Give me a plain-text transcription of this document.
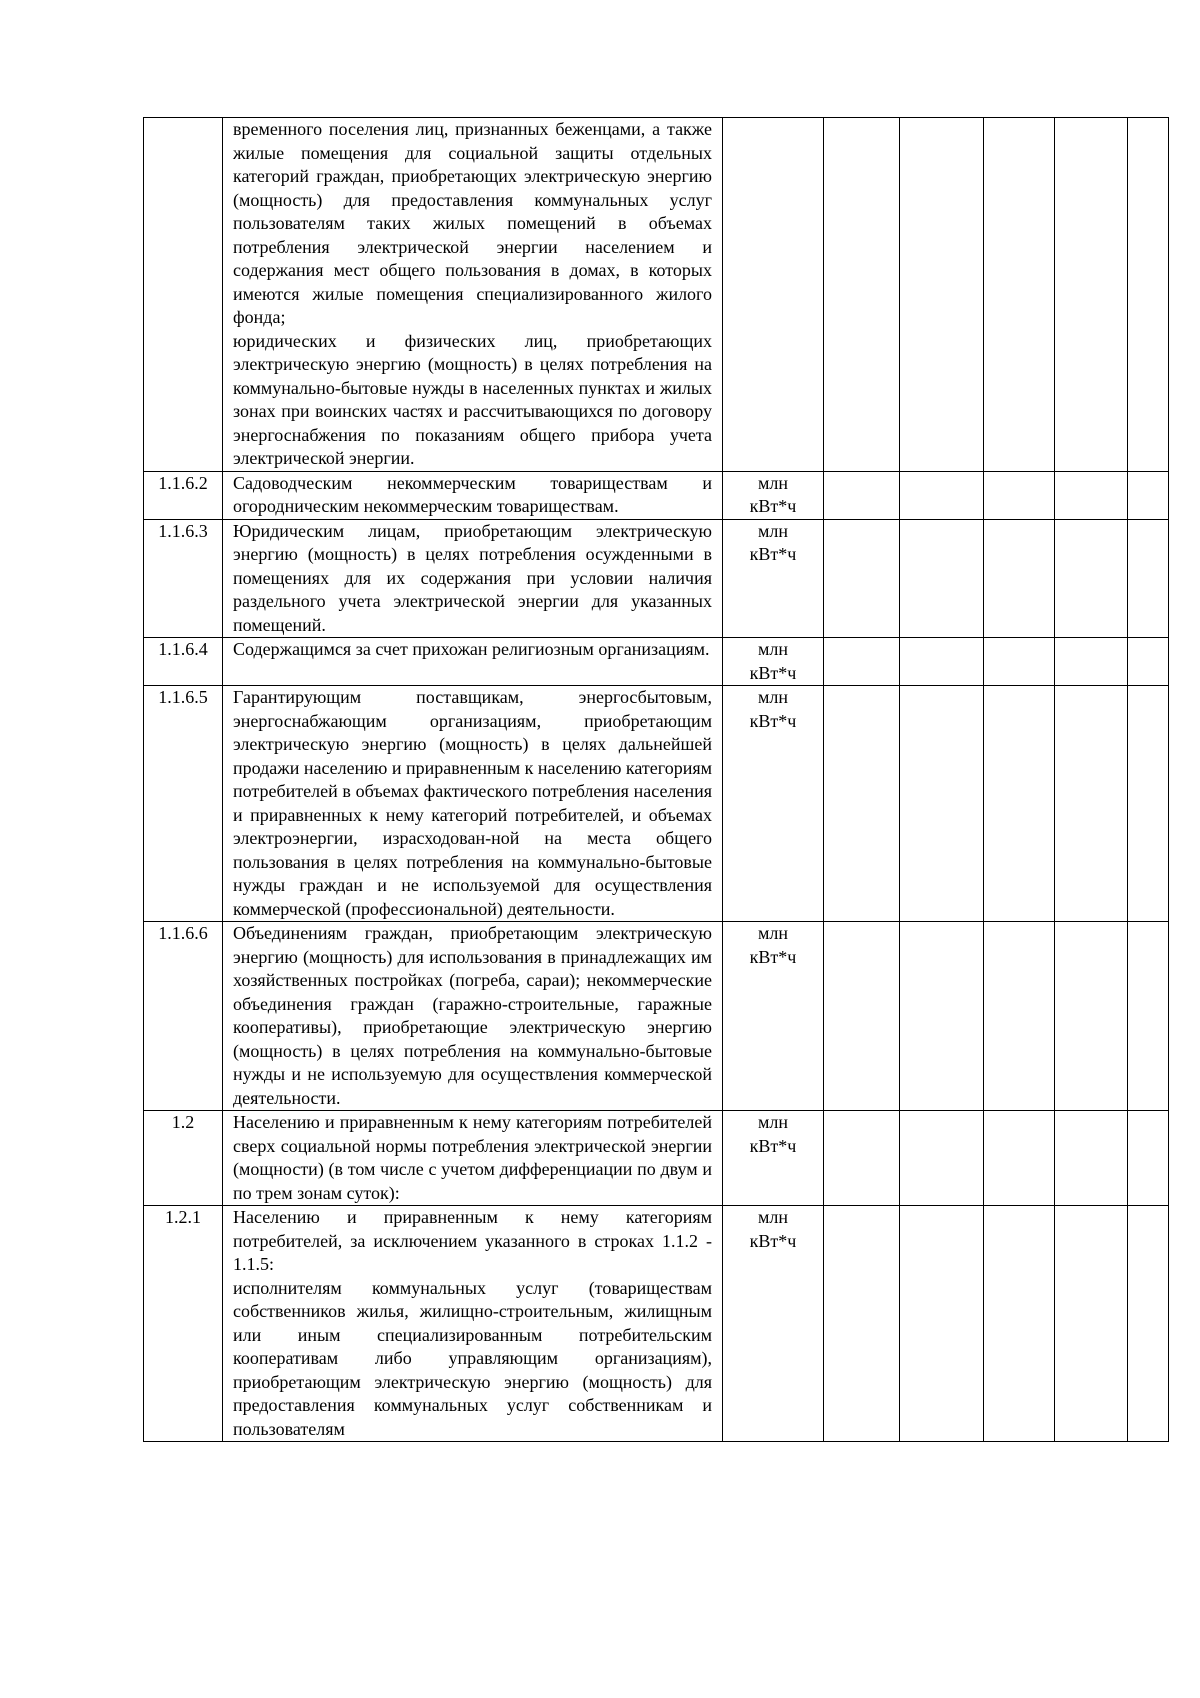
	временного поселения лиц, признанных беженцами, а также жилые помещения для социальной защиты отдельных категорий граждан, приобретающих электрическую энергию (мощность) для предоставления коммунальных услуг пользователям таких жилых помещений в объемах потребления электрической энергии населением и содержания мест общего пользования в домах, в которых имеются жилые помещения специализированного жилого фонда;
юридических и физических лиц, приобретающих электрическую энергию (мощность) в целях потребления на коммунально-бытовые нужды в населенных пунктах и жилых зонах при воинских частях и рассчитывающихся по договору энергоснабжения по показаниям общего прибора учета электрической энергии.						

1.1.6.2	Садоводческим некоммерческим товариществам и огородническим некоммерческим товариществам.	млн
кВт*ч					

1.1.6.3	Юридическим лицам, приобретающим электрическую энергию (мощность) в целях потребления осужденными в помещениях для их содержания при условии наличия раздельного учета электрической энергии для указанных помещений.	млн
кВт*ч					

1.1.6.4	Содержащимся за счет прихожан религиозным организациям.	млн
кВт*ч					

1.1.6.5	Гарантирующим поставщикам, энергосбытовым, энергоснабжающим организациям, приобретающим электрическую энергию (мощность) в целях дальнейшей продажи населению и приравненным к населению категориям потребителей в объемах фактического потребления населения и приравненных к нему категорий потребителей, и объемах электроэнергии, израсходован-ной на места общего пользования в целях потребления на коммунально-бытовые нужды граждан и не используемой для осуществления коммерческой (профессиональной) деятельности.	млн
кВт*ч					

1.1.6.6	Объединениям граждан, приобретающим электрическую энергию (мощность) для использования в принадлежащих им хозяйственных постройках (погреба, сараи); некоммерческие объединения граждан (гаражно-строительные, гаражные кооперативы), приобретающие электрическую энергию (мощность) в целях потребления на коммунально-бытовые нужды и не используемую для осуществления коммерческой деятельности.	млн
кВт*ч					

1.2	Населению и приравненным к нему категориям потребителей сверх социальной нормы потребления электрической энергии (мощности) (в том числе с учетом дифференциации по двум и по трем зонам суток):	млн
кВт*ч					

1.2.1	Населению и приравненным к нему категориям потребителей, за исключением указанного в строках 1.1.2 - 1.1.5:
исполнителям коммунальных услуг (товариществам собственников жилья, жилищно-строительным, жилищным или иным специализированным потребительским кооперативам либо управляющим организациям), приобретающим электрическую энергию (мощность) для предоставления коммунальных услуг собственникам и пользователям	млн
кВт*ч					
